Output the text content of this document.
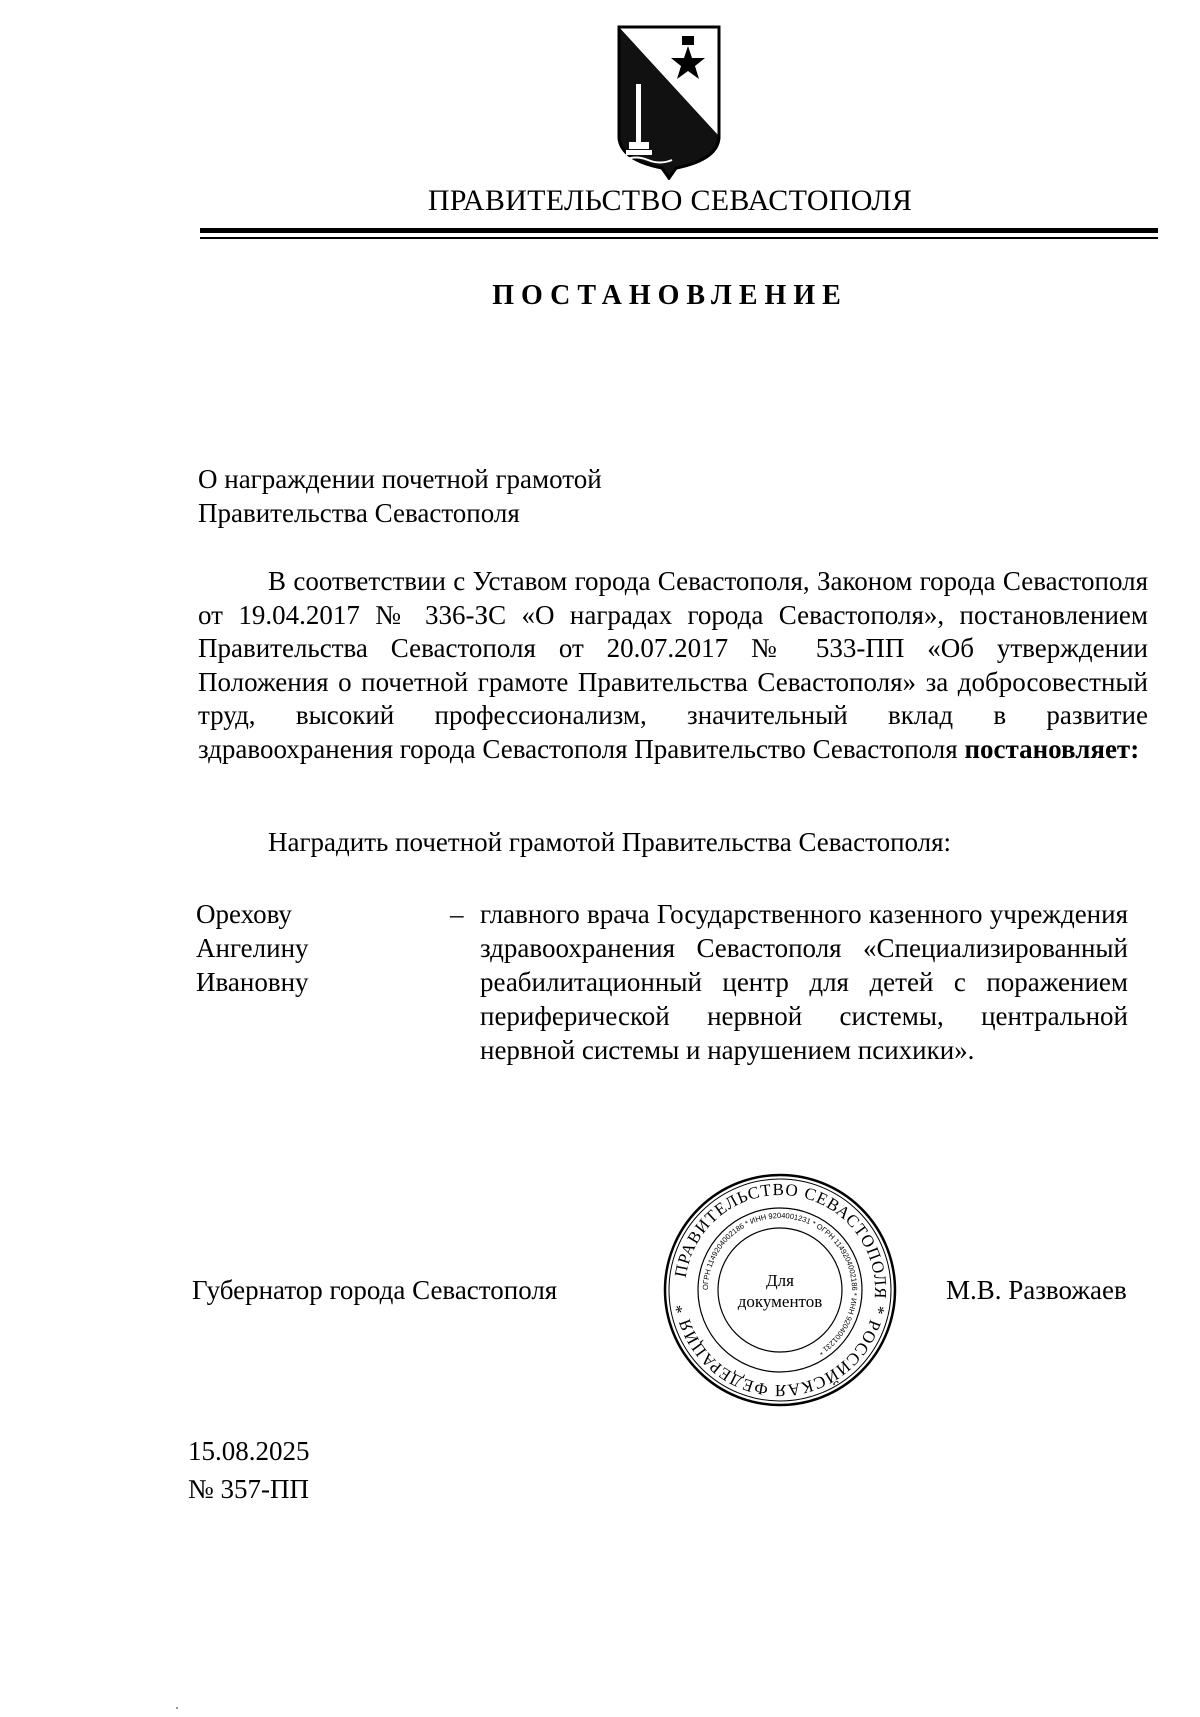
ПРАВИТЕЛЬСТВО СЕВАСТОПОЛЯ
ПОСТАНОВЛЕНИЕ
О награждении почетной грамотой
Правительства Севастополя
В соответствии с Уставом города Севастополя, Законом города Севастополя от 19.04.2017 № 336-ЗС «О наградах города Севастополя», постановлением Правительства Севастополя от 20.07.2017 № 533-ПП «Об утверждении Положения о почетной грамоте Правительства Севастополя» за добросовестный труд, высокий профессионализм, значительный вклад в развитие здравоохранения города Севастополя Правительство Севастополя постановляет:
Наградить почетной грамотой Правительства Севастополя:
Орехову
Ангелину
Ивановну
– главного врача Государственного казенного учреждения здравоохранения Севастополя «Специализированный реабилитационный центр для детей с поражением периферической нервной системы, центральной нервной системы и нарушением психики».
ПРАВИТЕЛЬСТВО СЕВАСТОПОЛЯ * РОССИЙСКАЯ ФЕДЕРАЦИЯ *
ОГРН 1149204002186 * ИНН 9204001231 * ОГРН 1149204002186 * ИНН 9204001231 *
Для
документов
Губернатор города Севастополя	М.В. Развожаев
15.08.2025
№ 357-ПП
